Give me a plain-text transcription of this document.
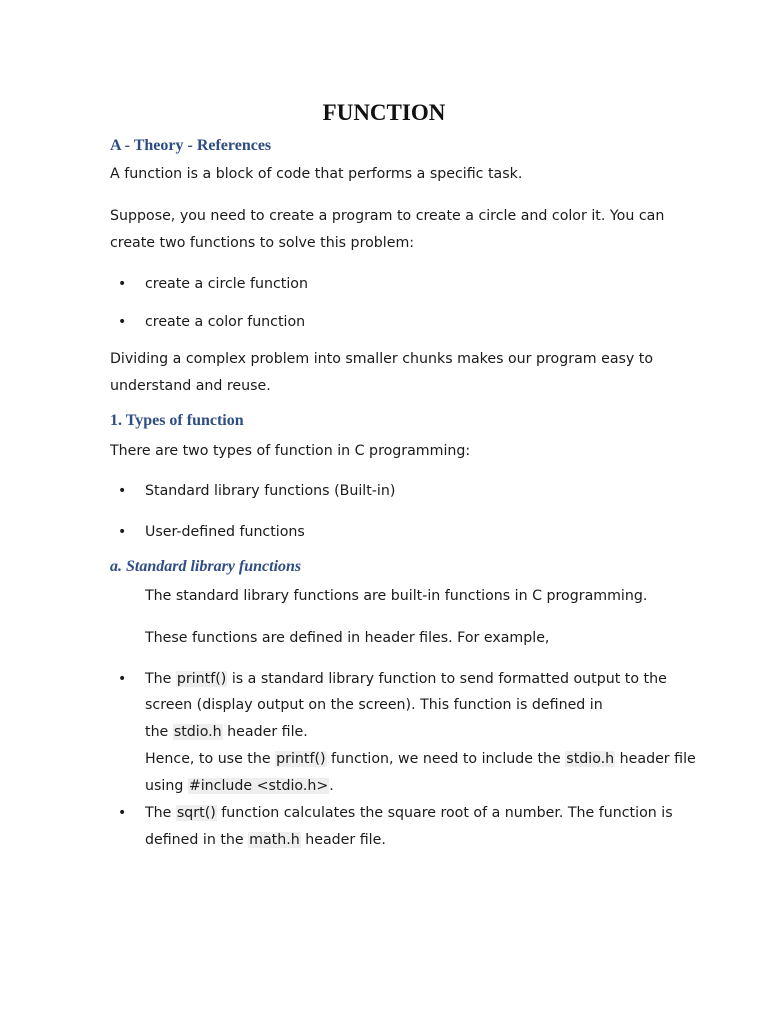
FUNCTION
A - Theory - References
A function is a block of code that performs a specific task.
Suppose, you need to create a program to create a circle and color it. You can
create two functions to solve this problem:
• create a circle function
• create a color function
Dividing a complex problem into smaller chunks makes our program easy to
understand and reuse.
1. Types of function
There are two types of function in C programming:
• Standard library functions (Built-in)
• User-defined functions
a. Standard library functions
The standard library functions are built-in functions in C programming.
These functions are defined in header files. For example,
• The printf() is a standard library function to send formatted output to the
screen (display output on the screen). This function is defined in
the stdio.h header file.
Hence, to use the printf() function, we need to include the stdio.h header file
using #include <stdio.h>.
• The sqrt() function calculates the square root of a number. The function is
defined in the math.h header file.
